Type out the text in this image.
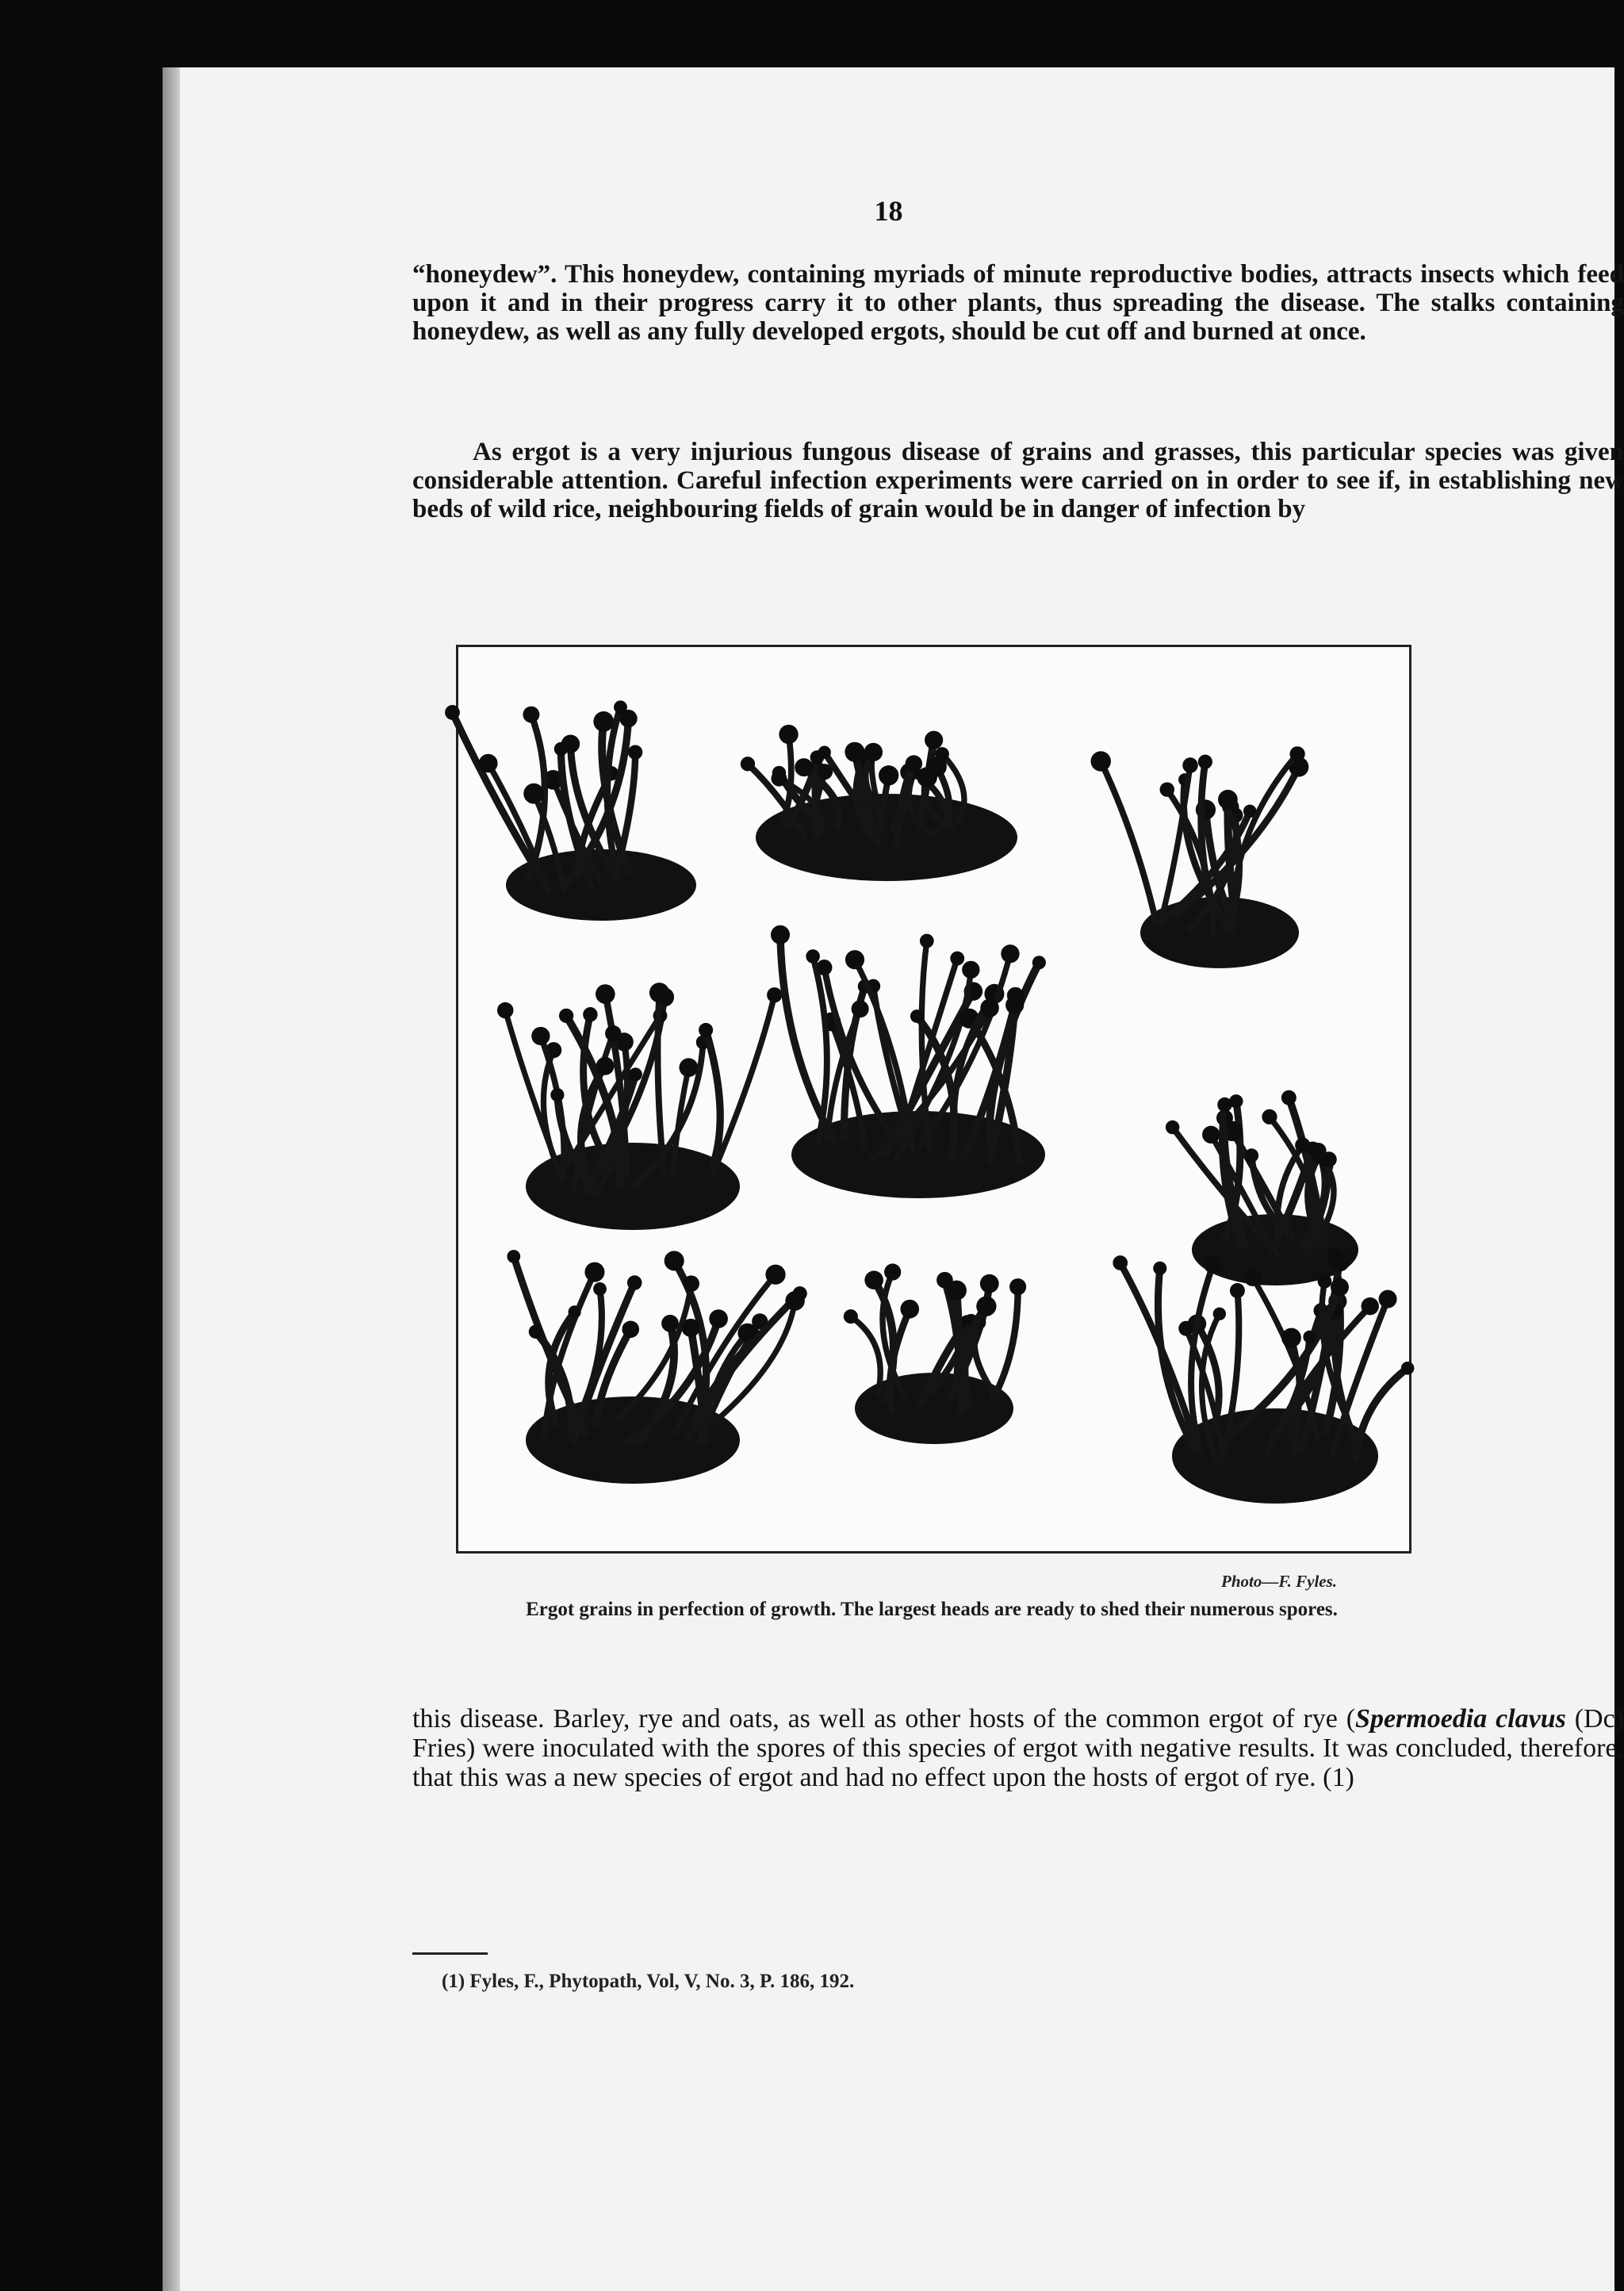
18

“honeydew”. This honeydew, containing myriads of minute reproductive bodies, attracts insects which feed upon it and in their progress carry it to other plants, thus spreading the disease. The stalks containing honeydew, as well as any fully developed ergots, should be cut off and burned at once.

As ergot is a very injurious fungous disease of grains and grasses, this particular species was given considerable attention. Careful infection experiments were carried on in order to see if, in establishing new beds of wild rice, neighbouring fields of grain would be in danger of infection by

Photo—F. Fyles.

Ergot grains in perfection of growth. The largest heads are ready to shed their numerous spores.

this disease. Barley, rye and oats, as well as other hosts of the common ergot of rye (Spermoedia clavus (Dc) Fries) were inoculated with the spores of this species of ergot with negative results. It was concluded, therefore, that this was a new species of ergot and had no effect upon the hosts of ergot of rye. (1)

(1) Fyles, F., Phytopath, Vol, V, No. 3, P. 186, 192.
